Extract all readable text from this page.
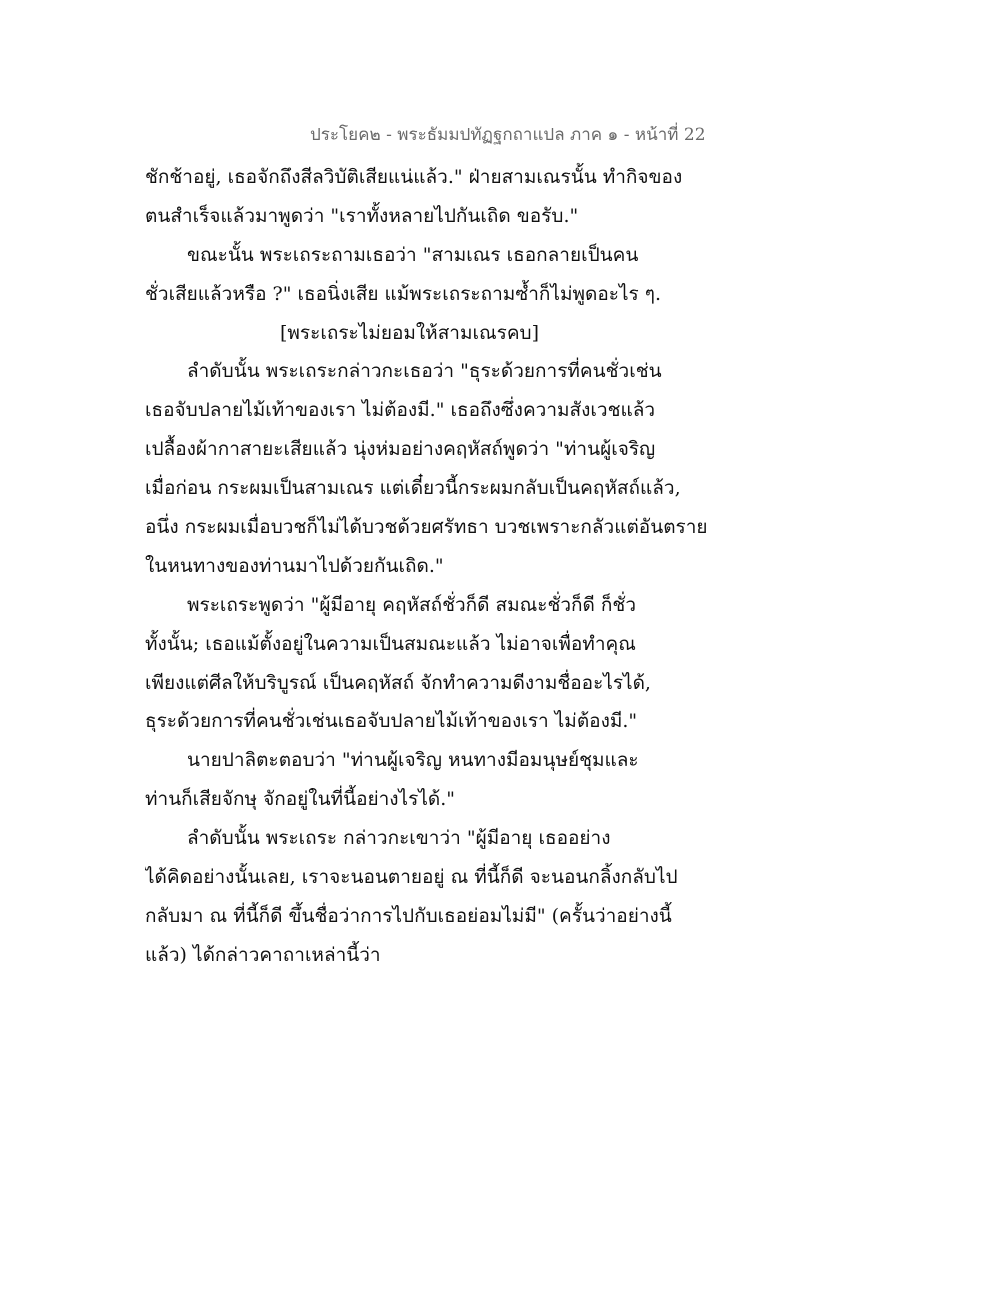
ประโยค๒ - พระธัมมปทัฏฐกถาแปล ภาค ๑ - หน้าที่ 22
ชักช้าอยู่, เธอจักถึงสีลวิบัติเสียแน่แล้ว." ฝ่ายสามเณรนั้น ทำกิจของ
ตนสำเร็จแล้วมาพูดว่า "เราทั้งหลายไปกันเถิด ขอรับ."
ขณะนั้น พระเถระถามเธอว่า "สามเณร เธอกลายเป็นคน
ชั่วเสียแล้วหรือ ?" เธอนิ่งเสีย แม้พระเถระถามซ้ำก็ไม่พูดอะไร ๆ.
[พระเถระไม่ยอมให้สามเณรคบ]
ลำดับนั้น พระเถระกล่าวกะเธอว่า "ธุระด้วยการที่คนชั่วเช่น
เธอจับปลายไม้เท้าของเรา ไม่ต้องมี." เธอถึงซึ่งความสังเวชแล้ว
เปลื้องผ้ากาสายะเสียแล้ว นุ่งห่มอย่างคฤหัสถ์พูดว่า "ท่านผู้เจริญ
เมื่อก่อน กระผมเป็นสามเณร แต่เดี๋ยวนี้กระผมกลับเป็นคฤหัสถ์แล้ว,
อนึ่ง กระผมเมื่อบวชก็ไม่ได้บวชด้วยศรัทธา บวชเพราะกลัวแต่อันตราย
ในหนทางของท่านมาไปด้วยกันเถิด."
พระเถระพูดว่า "ผู้มีอายุ คฤหัสถ์ชั่วก็ดี สมณะชั่วก็ดี ก็ชั่ว
ทั้งนั้น; เธอแม้ตั้งอยู่ในความเป็นสมณะแล้ว ไม่อาจเพื่อทำคุณ
เพียงแต่ศีลให้บริบูรณ์ เป็นคฤหัสถ์ จักทำความดีงามชื่ออะไรได้,
ธุระด้วยการที่คนชั่วเช่นเธอจับปลายไม้เท้าของเรา ไม่ต้องมี."
นายปาลิตะตอบว่า "ท่านผู้เจริญ หนทางมีอมนุษย์ชุมและ
ท่านก็เสียจักษุ จักอยู่ในที่นี้อย่างไรได้."
ลำดับนั้น พระเถระ กล่าวกะเขาว่า "ผู้มีอายุ เธออย่าง
ได้คิดอย่างนั้นเลย, เราจะนอนตายอยู่ ณ ที่นี้ก็ดี จะนอนกลิ้งกลับไป
กลับมา ณ ที่นี้ก็ดี ขึ้นชื่อว่าการไปกับเธอย่อมไม่มี" (ครั้นว่าอย่างนี้
แล้ว) ได้กล่าวคาถาเหล่านี้ว่า
